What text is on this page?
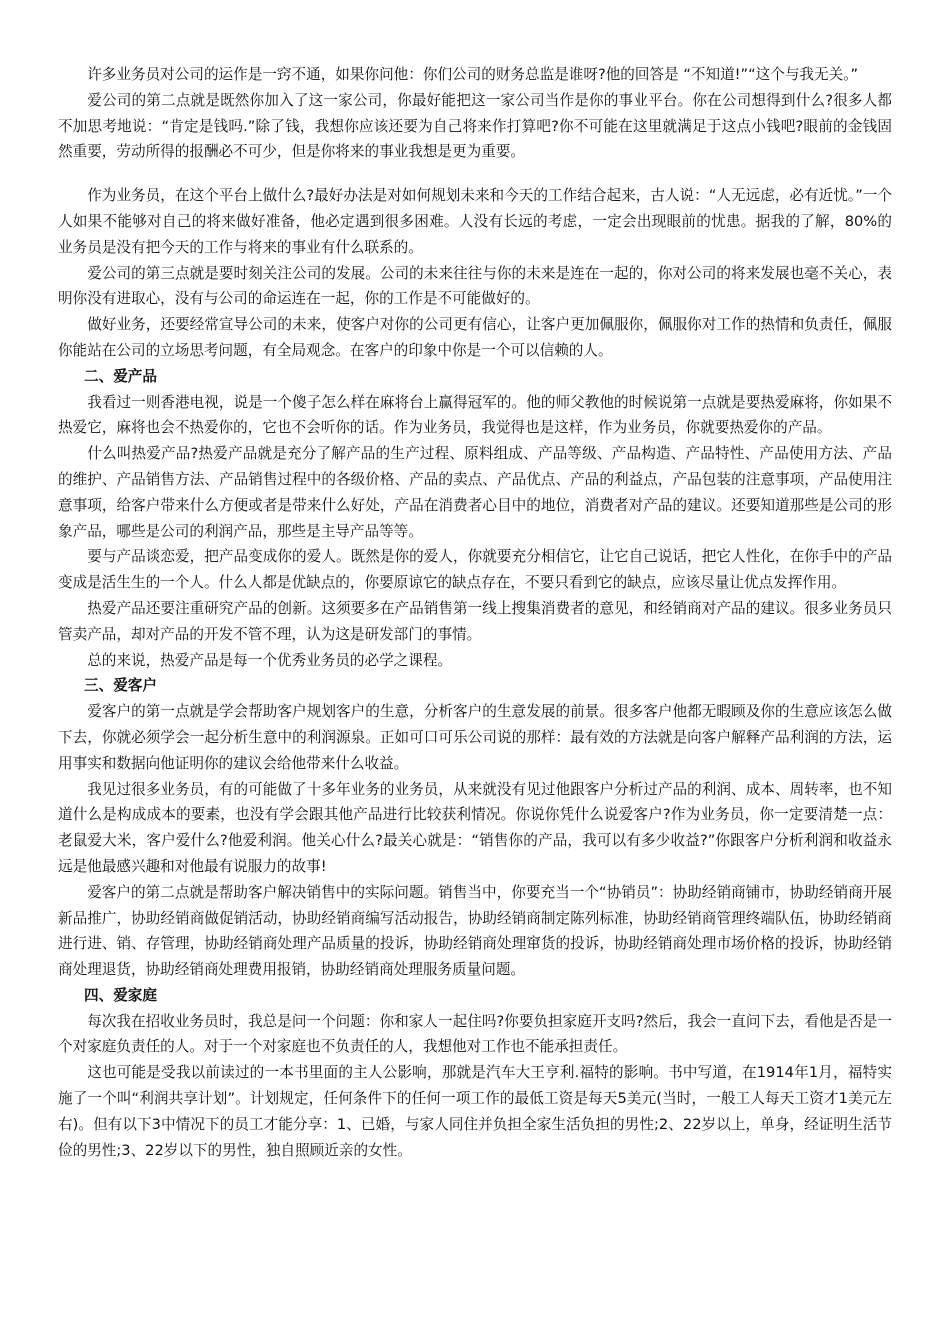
许多业务员对公司的运作是一窍不通，如果你问他：你们公司的财务总监是谁呀?他的回答是 “不知道!”“这个与我无关。”

爱公司的第二点就是既然你加入了这一家公司，你最好能把这一家公司当作是你的事业平台。你在公司想得到什么?很多人都不加思考地说：“肯定是钱吗.”除了钱，我想你应该还要为自己将来作打算吧?你不可能在这里就满足于这点小钱吧?眼前的金钱固然重要，劳动所得的报酬必不可少，但是你将来的事业我想是更为重要。

作为业务员，在这个平台上做什么?最好办法是对如何规划未来和今天的工作结合起来，古人说：“人无远虑，必有近忧。”一个人如果不能够对自己的将来做好准备，他必定遇到很多困难。人没有长远的考虑，一定会出现眼前的忧患。据我的了解，80%的业务员是没有把今天的工作与将来的事业有什么联系的。

爱公司的第三点就是要时刻关注公司的发展。公司的未来往往与你的未来是连在一起的，你对公司的将来发展也毫不关心，表明你没有进取心，没有与公司的命运连在一起，你的工作是不可能做好的。

做好业务，还要经常宣导公司的未来，使客户对你的公司更有信心，让客户更加佩服你，佩服你对工作的热情和负责任，佩服你能站在公司的立场思考问题，有全局观念。在客户的印象中你是一个可以信赖的人。

二、爱产品

我看过一则香港电视，说是一个傻子怎么样在麻将台上赢得冠军的。他的师父教他的时候说第一点就是要热爱麻将，你如果不热爱它，麻将也会不热爱你的，它也不会听你的话。作为业务员，我觉得也是这样，作为业务员，你就要热爱你的产品。

什么叫热爱产品?热爱产品就是充分了解产品的生产过程、原料组成、产品等级、产品构造、产品特性、产品使用方法、产品的维护、产品销售方法、产品销售过程中的各级价格、产品的卖点、产品优点、产品的利益点，产品包装的注意事项，产品使用注意事项，给客户带来什么方便或者是带来什么好处，产品在消费者心目中的地位，消费者对产品的建议。还要知道那些是公司的形象产品，哪些是公司的利润产品，那些是主导产品等等。

要与产品谈恋爱，把产品变成你的爱人。既然是你的爱人，你就要充分相信它，让它自己说话，把它人性化，在你手中的产品变成是活生生的一个人。什么人都是优缺点的，你要原谅它的缺点存在，不要只看到它的缺点，应该尽量让优点发挥作用。

热爱产品还要注重研究产品的创新。这须要多在产品销售第一线上搜集消费者的意见，和经销商对产品的建议。很多业务员只管卖产品，却对产品的开发不管不理，认为这是研发部门的事情。

总的来说，热爱产品是每一个优秀业务员的必学之课程。

三、爱客户

爱客户的第一点就是学会帮助客户规划客户的生意，分析客户的生意发展的前景。很多客户他都无暇顾及你的生意应该怎么做下去，你就必须学会一起分析生意中的利润源泉。正如可口可乐公司说的那样：最有效的方法就是向客户解释产品利润的方法，运用事实和数据向他证明你的建议会给他带来什么收益。

我见过很多业务员，有的可能做了十多年业务的业务员，从来就没有见过他跟客户分析过产品的利润、成本、周转率，也不知道什么是构成成本的要素，也没有学会跟其他产品进行比较获利情况。你说你凭什么说爱客户?作为业务员，你一定要清楚一点：老鼠爱大米，客户爱什么?他爱利润。他关心什么?最关心就是：“销售你的产品，我可以有多少收益?”你跟客户分析利润和收益永远是他最感兴趣和对他最有说服力的故事!

爱客户的第二点就是帮助客户解决销售中的实际问题。销售当中，你要充当一个“协销员”：协助经销商铺市，协助经销商开展新品推广，协助经销商做促销活动，协助经销商编写活动报告，协助经销商制定陈列标准，协助经销商管理终端队伍，协助经销商进行进、销、存管理，协助经销商处理产品质量的投诉，协助经销商处理窜货的投诉，协助经销商处理市场价格的投诉，协助经销商处理退货，协助经销商处理费用报销，协助经销商处理服务质量问题。

四、爱家庭

每次我在招收业务员时，我总是问一个问题：你和家人一起住吗?你要负担家庭开支吗?然后，我会一直问下去，看他是否是一个对家庭负责任的人。对于一个对家庭也不负责任的人，我想他对工作也不能承担责任。

这也可能是受我以前读过的一本书里面的主人公影响，那就是汽车大王亨利.福特的影响。书中写道，在1914年1月，福特实施了一个叫“利润共享计划”。计划规定，任何条件下的任何一项工作的最低工资是每天5美元(当时，一般工人每天工资才1美元左右)。但有以下3中情况下的员工才能分享：1、已婚，与家人同住并负担全家生活负担的男性;2、22岁以上，单身，经证明生活节俭的男性;3、22岁以下的男性，独自照顾近亲的女性。
